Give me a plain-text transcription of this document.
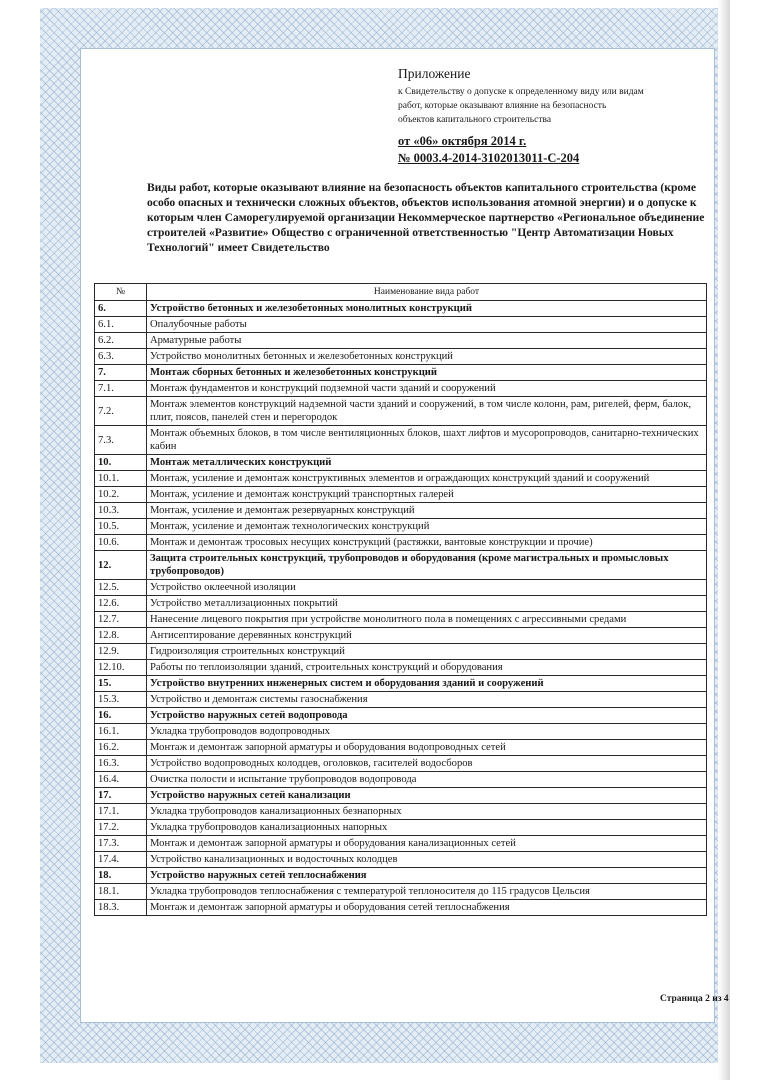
Приложение
к Свидетельству о допуске к определенному виду или видам
работ, которые оказывают влияние на безопасность
объектов капитального строительства
от «06» октября 2014 г.
№ 0003.4-2014-3102013011-С-204
Виды работ, которые оказывают влияние на безопасность объектов капитального строительства (кроме особо опасных и технически сложных объектов, объектов использования атомной энергии) и о допуске к которым член Саморегулируемой организации Некоммерческое партнерство «Региональное объединение строителей «Развитие» Общество с ограниченной ответственностью "Центр Автоматизации Новых Технологий" имеет Свидетельство
№	Наименование вида работ
6.	Устройство бетонных и железобетонных монолитных конструкций
6.1.	Опалубочные работы
6.2.	Арматурные работы
6.3.	Устройство монолитных бетонных и железобетонных конструкций
7.	Монтаж сборных бетонных и железобетонных конструкций
7.1.	Монтаж фундаментов и конструкций подземной части зданий и сооружений
7.2.	Монтаж элементов конструкций надземной части зданий и сооружений, в том числе колонн, рам, ригелей, ферм, балок, плит, поясов, панелей стен и перегородок
7.3.	Монтаж объемных блоков, в том числе вентиляционных блоков, шахт лифтов и мусоропроводов, санитарно-технических кабин
10.	Монтаж металлических конструкций
10.1.	Монтаж, усиление и демонтаж конструктивных элементов и ограждающих конструкций зданий и сооружений
10.2.	Монтаж, усиление и демонтаж конструкций транспортных галерей
10.3.	Монтаж, усиление и демонтаж резервуарных конструкций
10.5.	Монтаж, усиление и демонтаж технологических конструкций
10.6.	Монтаж и демонтаж тросовых несущих конструкций (растяжки, вантовые конструкции и прочие)
12.	Защита строительных конструкций, трубопроводов и оборудования (кроме магистральных и промысловых трубопроводов)
12.5.	Устройство оклеечной изоляции
12.6.	Устройство металлизационных покрытий
12.7.	Нанесение лицевого покрытия при устройстве монолитного пола в помещениях с агрессивными средами
12.8.	Антисептирование деревянных конструкций
12.9.	Гидроизоляция строительных конструкций
12.10.	Работы по теплоизоляции зданий, строительных конструкций и оборудования
15.	Устройство внутренних инженерных систем и оборудования зданий и сооружений
15.3.	Устройство и демонтаж системы газоснабжения
16.	Устройство наружных сетей водопровода
16.1.	Укладка трубопроводов водопроводных
16.2.	Монтаж и демонтаж запорной арматуры и оборудования водопроводных сетей
16.3.	Устройство водопроводных колодцев, оголовков, гасителей водосборов
16.4.	Очистка полости и испытание трубопроводов водопровода
17.	Устройство наружных сетей канализации
17.1.	Укладка трубопроводов канализационных безнапорных
17.2.	Укладка трубопроводов канализационных напорных
17.3.	Монтаж и демонтаж запорной арматуры и оборудования канализационных сетей
17.4.	Устройство канализационных и водосточных колодцев
18.	Устройство наружных сетей теплоснабжения
18.1.	Укладка трубопроводов теплоснабжения с температурой теплоносителя до 115 градусов Цельсия
18.3.	Монтаж и демонтаж запорной арматуры и оборудования сетей теплоснабжения
Страница 2 из 4
